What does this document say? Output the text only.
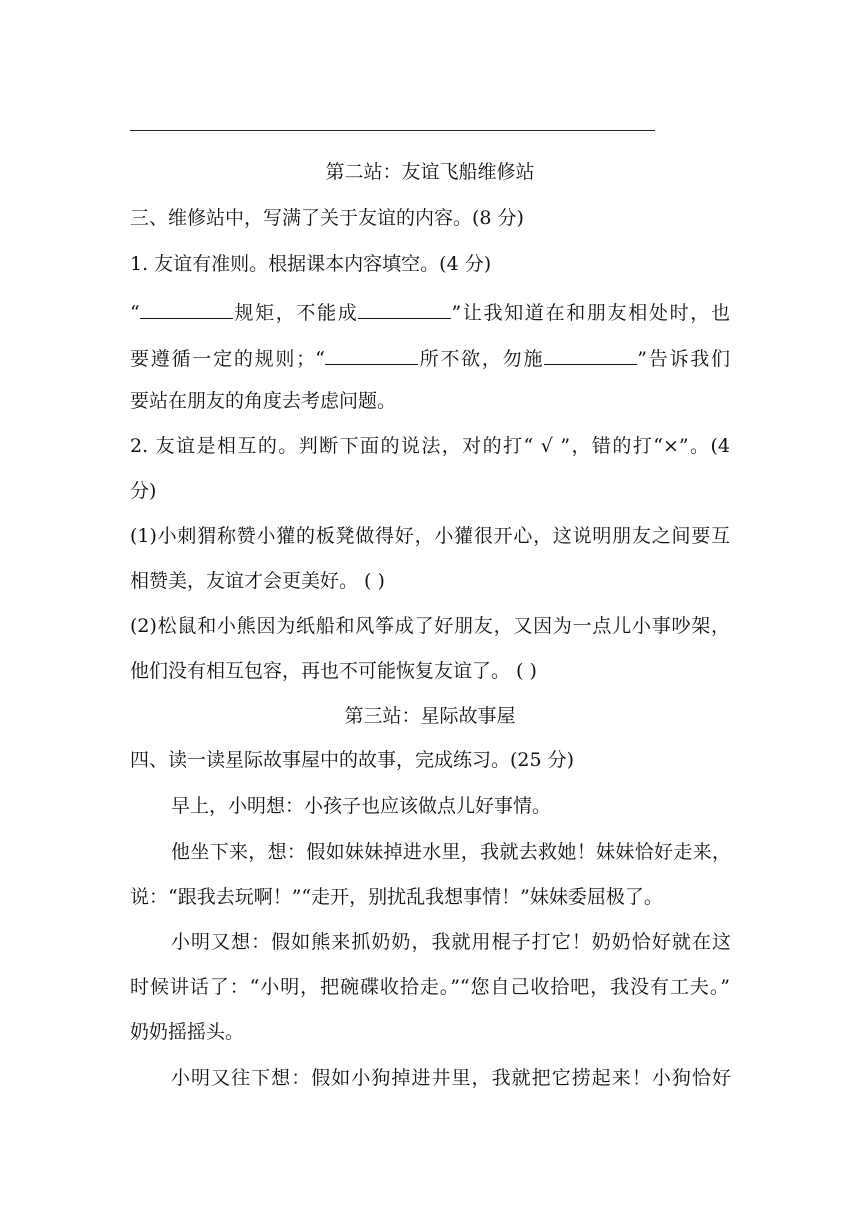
第二站：友谊飞船维修站
三、维修站中，写满了关于友谊的内容。(8 分)
1. 友谊有准则。根据课本内容填空。(4 分)
“	规矩，不能成	”让我知道在和朋友相处时，也
要遵循一定的规则；“	所不欲，勿施	”告诉我们
要站在朋友的角度去考虑问题。
2. 友谊是相互的。判断下面的说法，对的打“ √ ”，错的打“×”。(4
分)
(1)小刺猬称赞小獾的板凳做得好，小獾很开心，这说明朋友之间要互
相赞美，友谊才会更美好。 ( )
(2)松鼠和小熊因为纸船和风筝成了好朋友，又因为一点儿小事吵架，
他们没有相互包容，再也不可能恢复友谊了。 ( )
第三站：星际故事屋
四、读一读星际故事屋中的故事，完成练习。(25 分)
早上，小明想：小孩子也应该做点儿好事情。
他坐下来，想：假如妹妹掉进水里，我就去救她！妹妹恰好走来，
说：“跟我去玩啊！”“走开，别扰乱我想事情！”妹妹委屈极了。
小明又想：假如熊来抓奶奶，我就用棍子打它！奶奶恰好就在这
时候讲话了：“小明，把碗碟收拾走。”“您自己收拾吧，我没有工夫。”
奶奶摇摇头。
小明又往下想：假如小狗掉进井里，我就把它捞起来！小狗恰好
